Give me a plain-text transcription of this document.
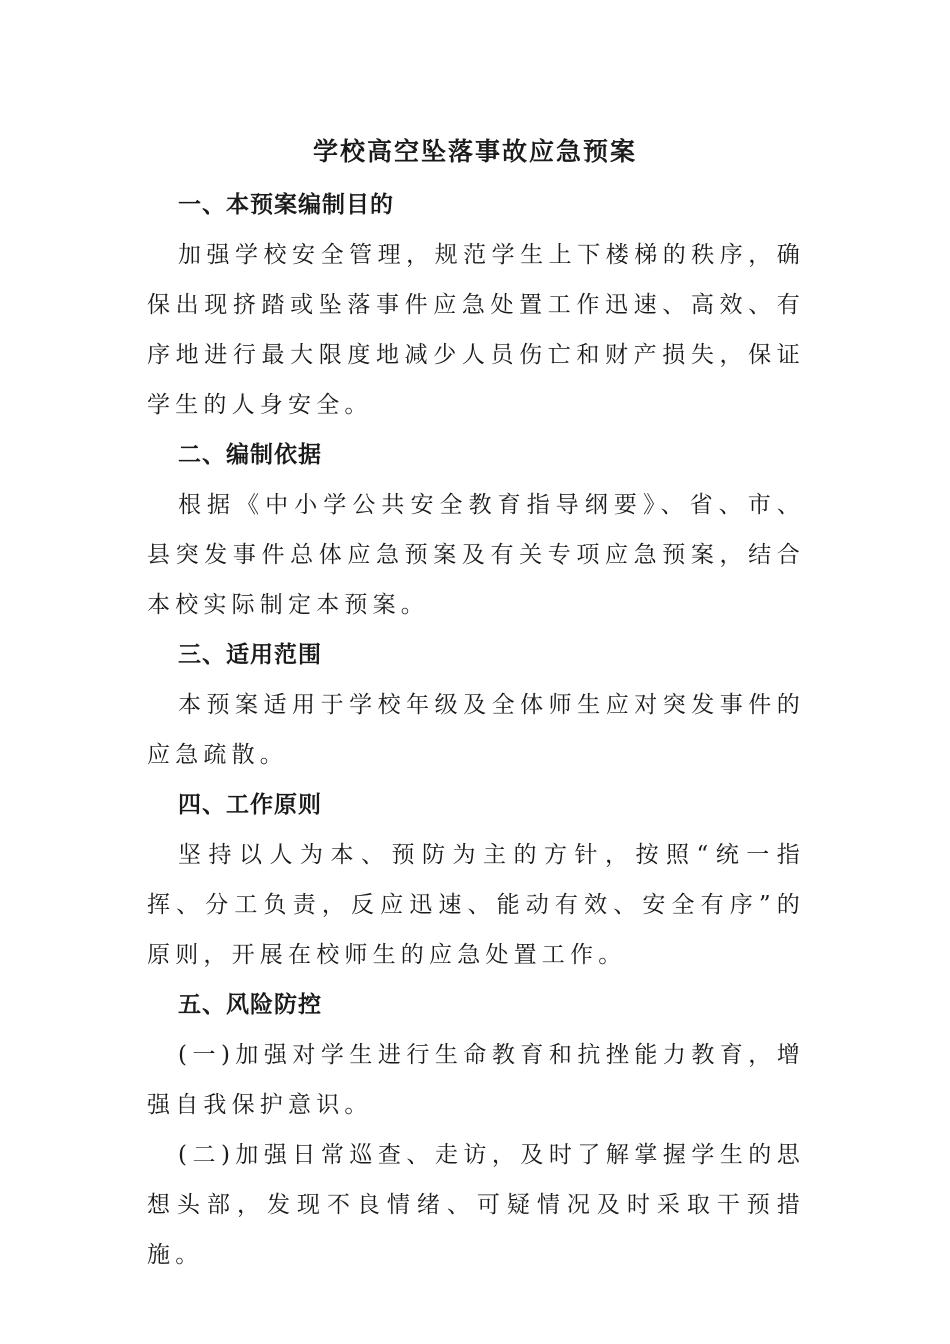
学校高空坠落事故应急预案
一、本预案编制目的

加强学校安全管理，规范学生上下楼梯的秩序，确保出现挤踏或坠落事件应急处置工作迅速、高效、有序地进行最大限度地减少人员伤亡和财产损失，保证学生的人身安全。

二、编制依据

根据《中小学公共安全教育指导纲要》、省、市、县突发事件总体应急预案及有关专项应急预案，结合本校实际制定本预案。

三、适用范围

本预案适用于学校年级及全体师生应对突发事件的应急疏散。

四、工作原则

坚持以人为本、预防为主的方针，按照“统一指挥、分工负责，反应迅速、能动有效、安全有序”的原则，开展在校师生的应急处置工作。

五、风险防控

(一)加强对学生进行生命教育和抗挫能力教育，增强自我保护意识。

(二)加强日常巡查、走访，及时了解掌握学生的思想头部，发现不良情绪、可疑情况及时采取干预措施。
